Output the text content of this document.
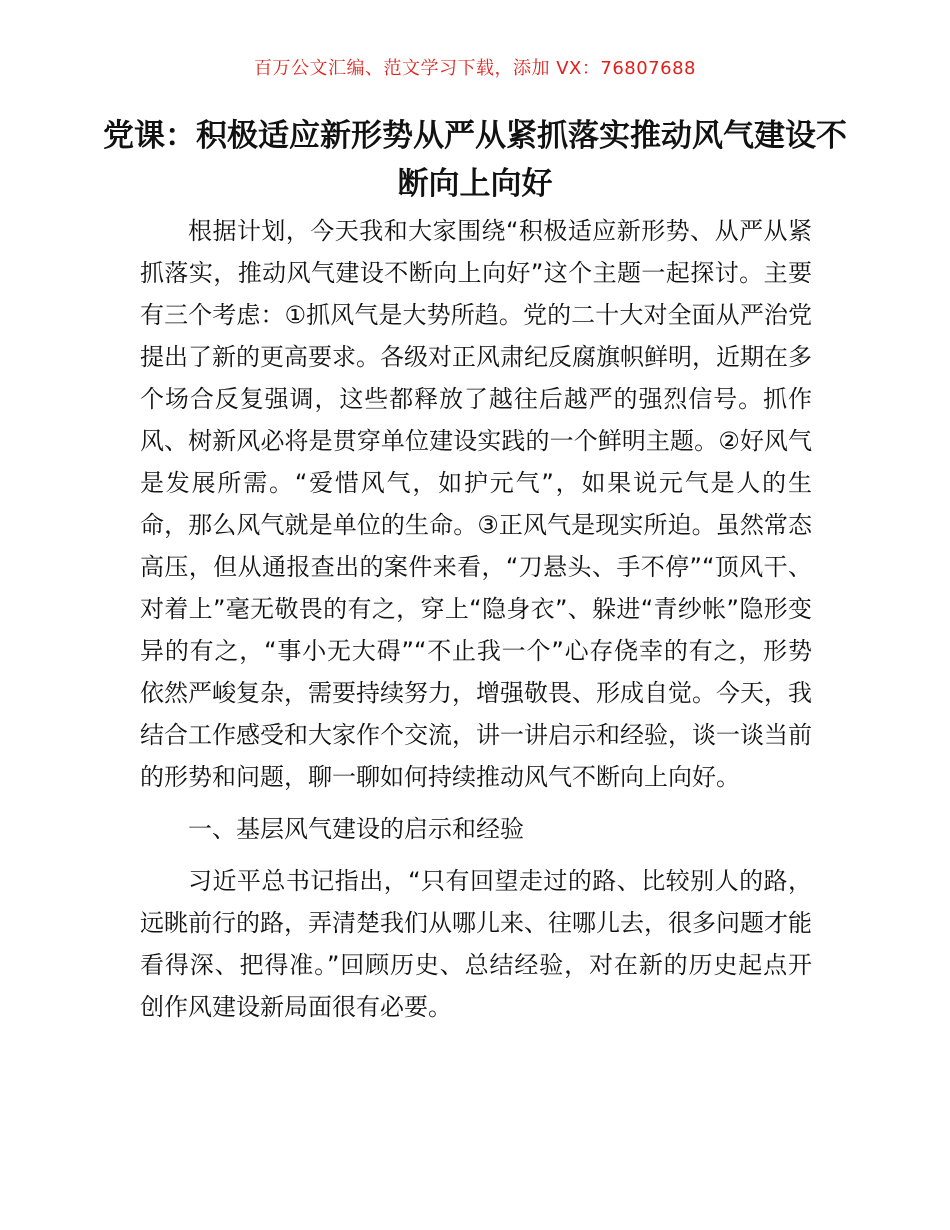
百万公文汇编、范文学习下载，添加 VX：76807688
党课：积极适应新形势从严从紧抓落实推动风气建设不断向上向好

根据计划，今天我和大家围绕“积极适应新形势、从严从紧抓落实，推动风气建设不断向上向好”这个主题一起探讨。主要有三个考虑：①抓风气是大势所趋。党的二十大对全面从严治党提出了新的更高要求。各级对正风肃纪反腐旗帜鲜明，近期在多个场合反复强调，这些都释放了越往后越严的强烈信号。抓作风、树新风必将是贯穿单位建设实践的一个鲜明主题。②好风气是发展所需。“爱惜风气，如护元气”，如果说元气是人的生命，那么风气就是单位的生命。③正风气是现实所迫。虽然常态高压，但从通报查出的案件来看，“刀悬头、手不停”“顶风干、对着上”毫无敬畏的有之，穿上“隐身衣”、躲进“青纱帐”隐形变异的有之，“事小无大碍”“不止我一个”心存侥幸的有之，形势依然严峻复杂，需要持续努力，增强敬畏、形成自觉。今天，我结合工作感受和大家作个交流，讲一讲启示和经验，谈一谈当前的形势和问题，聊一聊如何持续推动风气不断向上向好。

一、基层风气建设的启示和经验

习近平总书记指出，“只有回望走过的路、比较别人的路，远眺前行的路，弄清楚我们从哪儿来、往哪儿去，很多问题才能看得深、把得准。”回顾历史、总结经验，对在新的历史起点开创作风建设新局面很有必要。
